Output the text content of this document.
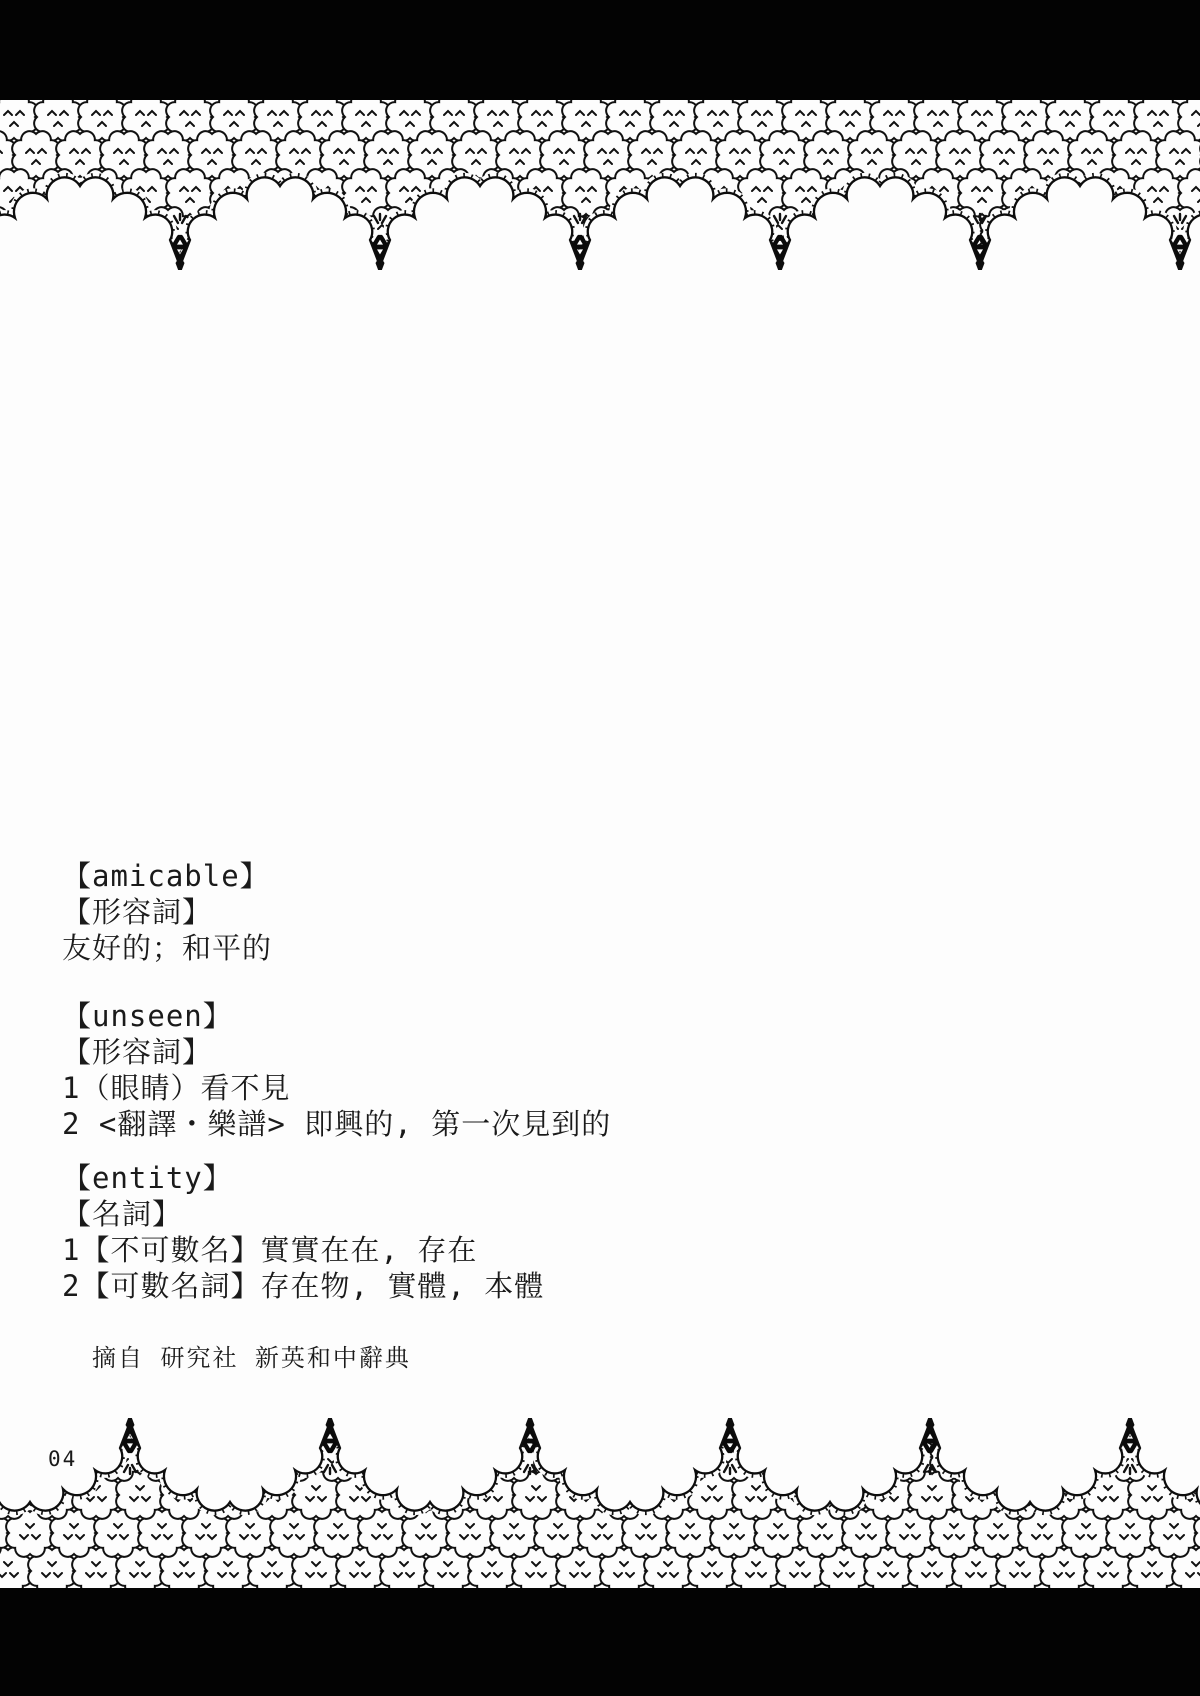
【amicable】
【形容詞】
友好的；和平的
【unseen】
【形容詞】
1（眼睛）看不見
2 <翻譯・樂譜> 即興的, 第一次見到的
【entity】
【名詞】
1【不可數名】實實在在, 存在
2【可數名詞】存在物, 實體, 本體
摘自 研究社 新英和中辭典
04
